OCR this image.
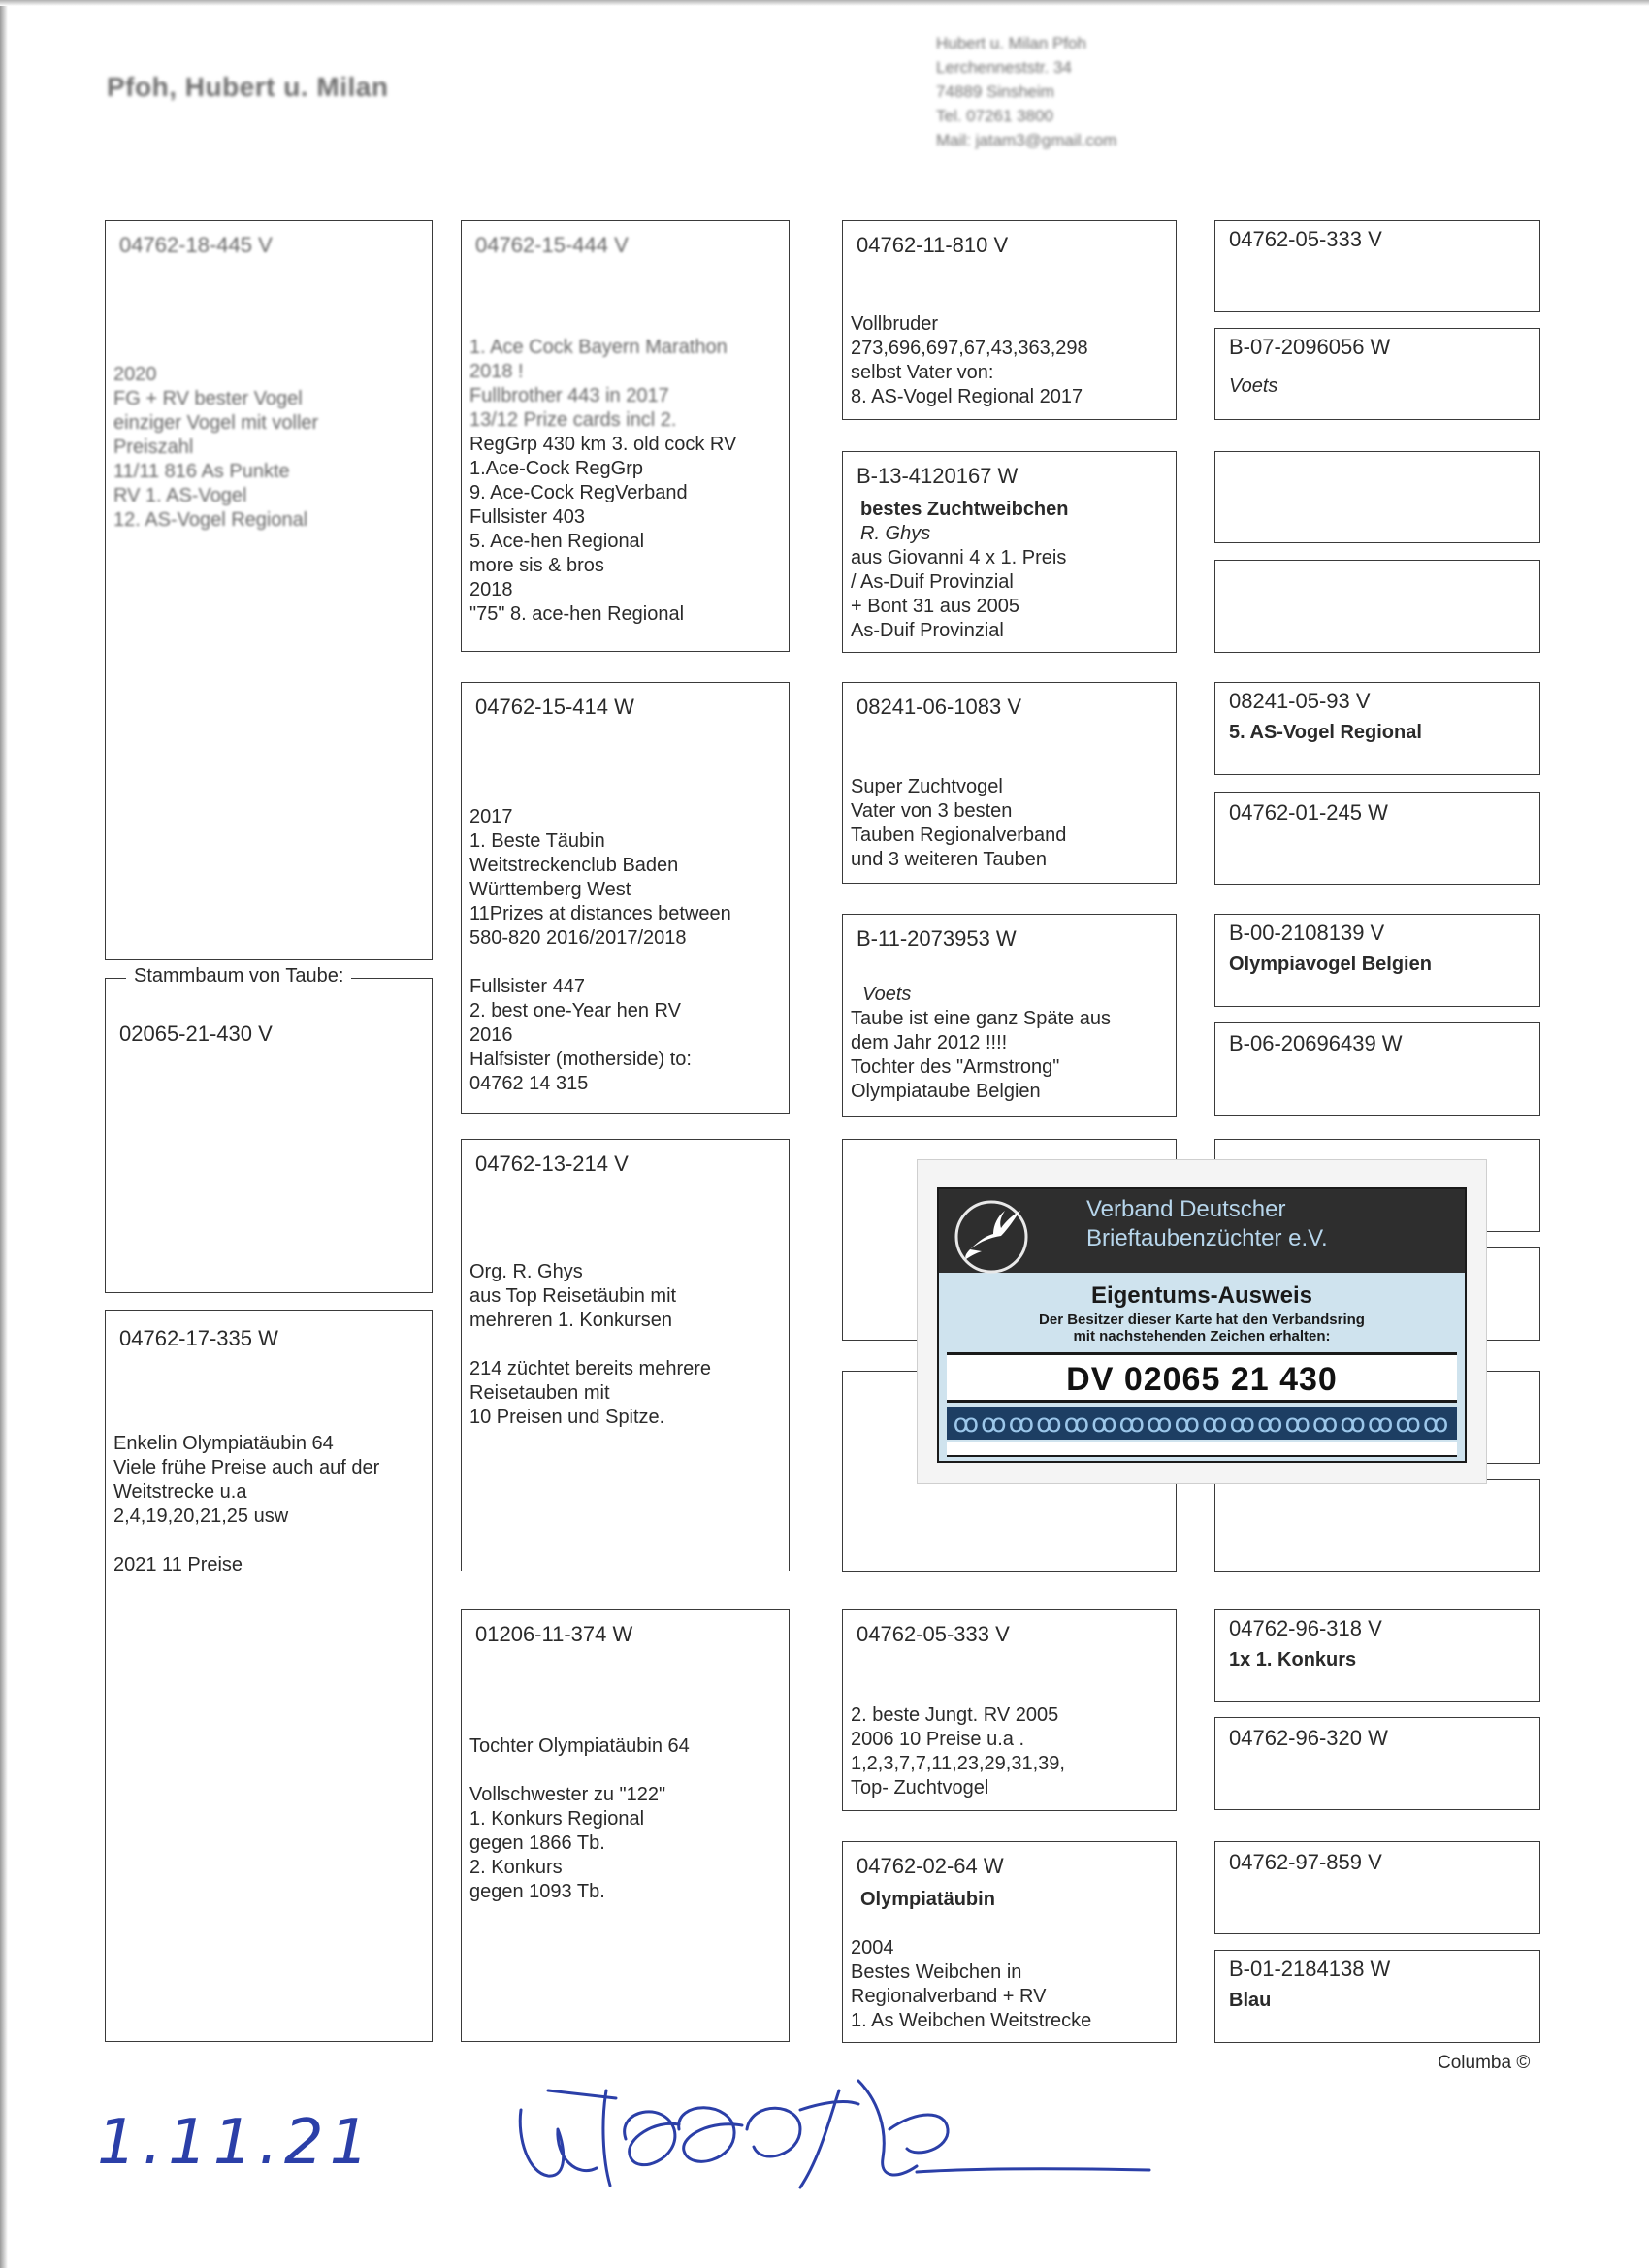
Pfoh, Hubert u. Milan
Hubert u. Milan Pfoh
Lerchenneststr. 34
74889 Sinsheim
Tel. 07261 3800
Mail: jatam3@gmail.com
04762-18-445 V
2020
FG + RV bester Vogel
einziger Vogel mit voller
Preiszahl
11/11 816 As Punkte
RV 1. AS-Vogel
12. AS-Vogel Regional
02065-21-430 V
Stammbaum von Taube:
04762-17-335 W
Enkelin Olympiatäubin 64
Viele frühe Preise auch auf der
Weitstrecke u.a
2,4,19,20,21,25 usw
2021 11 Preise
04762-15-444 V
1. Ace Cock Bayern Marathon
2018 !
Fullbrother 443 in 2017
13/12 Prize cards incl 2.
RegGrp 430 km 3. old cock RV
1.Ace-Cock RegGrp
9. Ace-Cock RegVerband
Fullsister 403
5. Ace-hen Regional
more sis & bros
2018
"75" 8. ace-hen Regional
04762-15-414 W
2017
1. Beste Täubin
Weitstreckenclub Baden
Württemberg West
11Prizes at distances between
580-820 2016/2017/2018
Fullsister 447
2. best one-Year hen RV
2016
Halfsister (motherside) to:
04762 14 315
04762-13-214 V
Org. R. Ghys
aus Top Reisetäubin mit
mehreren 1. Konkursen
214 züchtet bereits mehrere
Reisetauben mit
10 Preisen und Spitze.
01206-11-374 W
Tochter Olympiatäubin 64
Vollschwester zu "122"
1. Konkurs Regional
gegen 1866 Tb.
2. Konkurs
gegen 1093 Tb.
04762-11-810 V
Vollbruder
273,696,697,67,43,363,298
selbst Vater von:
8. AS-Vogel Regional 2017
B-13-4120167 W
bestes Zuchtweibchen
R. Ghys
aus Giovanni 4 x 1. Preis
/ As-Duif Provinzial
+ Bont 31 aus 2005
As-Duif Provinzial
08241-06-1083 V
Super Zuchtvogel
Vater von 3 besten
Tauben Regionalverband
und 3 weiteren Tauben
B-11-2073953 W
Voets
Taube ist eine ganz Späte aus
dem Jahr 2012 !!!!
Tochter des "Armstrong"
Olympiataube Belgien
04762-05-333 V
2. beste Jungt. RV 2005
2006 10 Preise u.a .
1,2,3,7,7,11,23,29,31,39,
Top- Zuchtvogel
04762-02-64 W
Olympiatäubin
2004
Bestes Weibchen in
Regionalverband + RV
1. As Weibchen Weitstrecke
04762-05-333 V
B-07-2096056 W
Voets
08241-05-93 V
5. AS-Vogel Regional
04762-01-245 W
B-00-2108139 V
Olympiavogel Belgien
B-06-20696439 W
04762-96-318 V
1x 1. Konkurs
04762-96-320 W
04762-97-859 V
B-01-2184138 W
Blau
Verband Deutscher
Brieftaubenzüchter e.V.
Eigentums-Ausweis
Der Besitzer dieser Karte hat den Verbandsring
mit nachstehenden Zeichen erhalten:
DV 02065 21 430
ꝏꝏꝏꝏꝏꝏꝏꝏꝏꝏꝏꝏꝏꝏꝏꝏꝏꝏ
Columba ©
1.11.21
